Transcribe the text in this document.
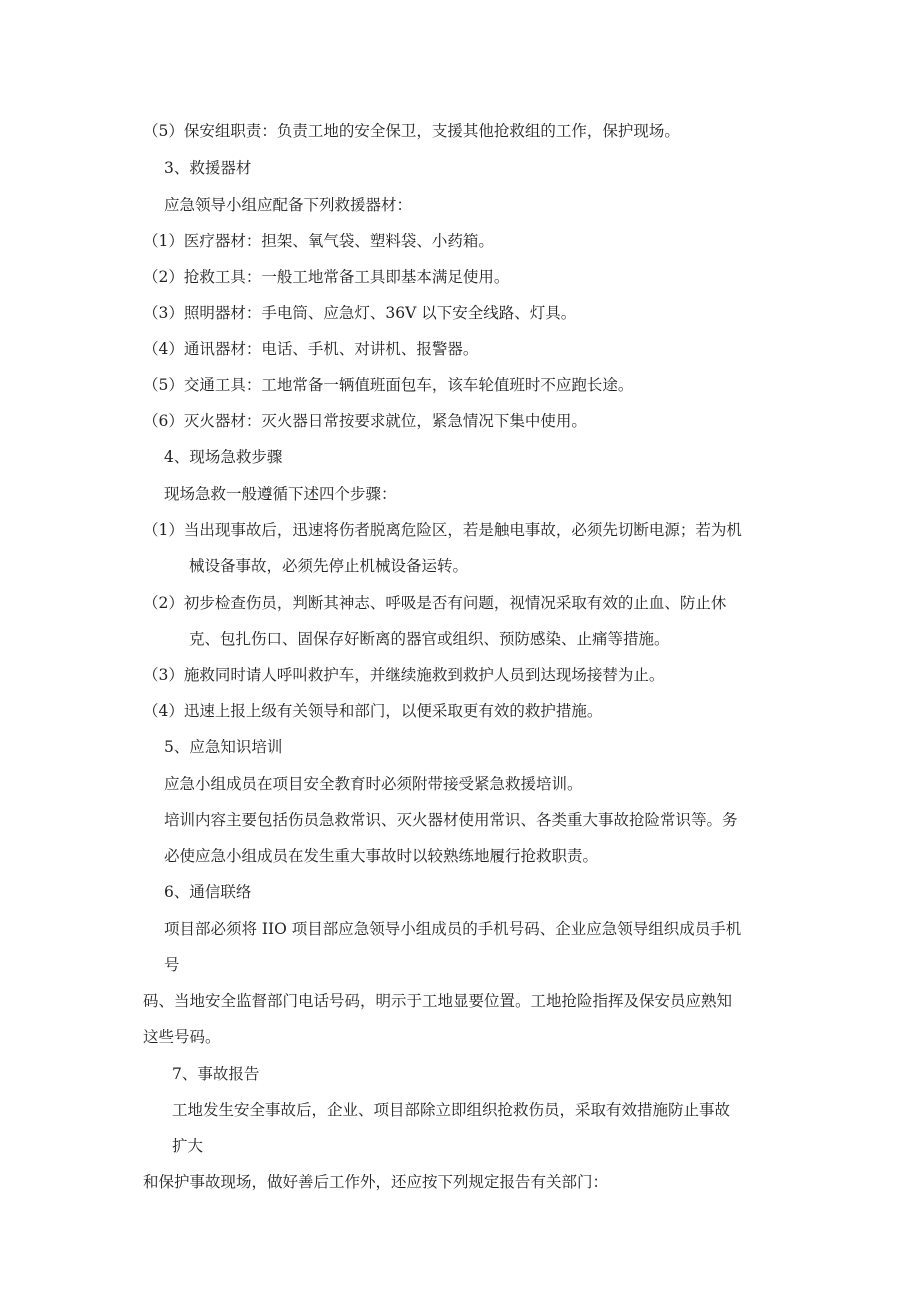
（5）保安组职责：负责工地的安全保卫，支援其他抢救组的工作，保护现场。
3、救援器材
应急领导小组应配备下列救援器材：
（1）医疗器材：担架、氧气袋、塑料袋、小药箱。
（2）抢救工具：一般工地常备工具即基本满足使用。
（3）照明器材：手电筒、应急灯、36V 以下安全线路、灯具。
（4）通讯器材：电话、手机、对讲机、报警器。
（5）交通工具：工地常备一辆值班面包车，该车轮值班时不应跑长途。
（6）灭火器材：灭火器日常按要求就位，紧急情况下集中使用。
4、现场急救步骤
现场急救一般遵循下述四个步骤：
（1）当出现事故后，迅速将伤者脱离危险区，若是触电事故，必须先切断电源；若为机
械设备事故，必须先停止机械设备运转。
（2）初步检查伤员，判断其神志、呼吸是否有问题，视情况采取有效的止血、防止休
克、包扎伤口、固保存好断离的器官或组织、预防感染、止痛等措施。
（3）施救同时请人呼叫救护车，并继续施救到救护人员到达现场接替为止。
（4）迅速上报上级有关领导和部门，以便采取更有效的救护措施。
5、应急知识培训
应急小组成员在项目安全教育时必须附带接受紧急救援培训。
培训内容主要包括伤员急救常识、灭火器材使用常识、各类重大事故抢险常识等。务
必使应急小组成员在发生重大事故时以较熟练地履行抢救职责。
6、通信联络
项目部必须将 IIO 项目部应急领导小组成员的手机号码、企业应急领导组织成员手机
号
码、当地安全监督部门电话号码，明示于工地显要位置。工地抢险指挥及保安员应熟知
这些号码。
7、事故报告
工地发生安全事故后，企业、项目部除立即组织抢救伤员，采取有效措施防止事故
扩大
和保护事故现场，做好善后工作外，还应按下列规定报告有关部门：
